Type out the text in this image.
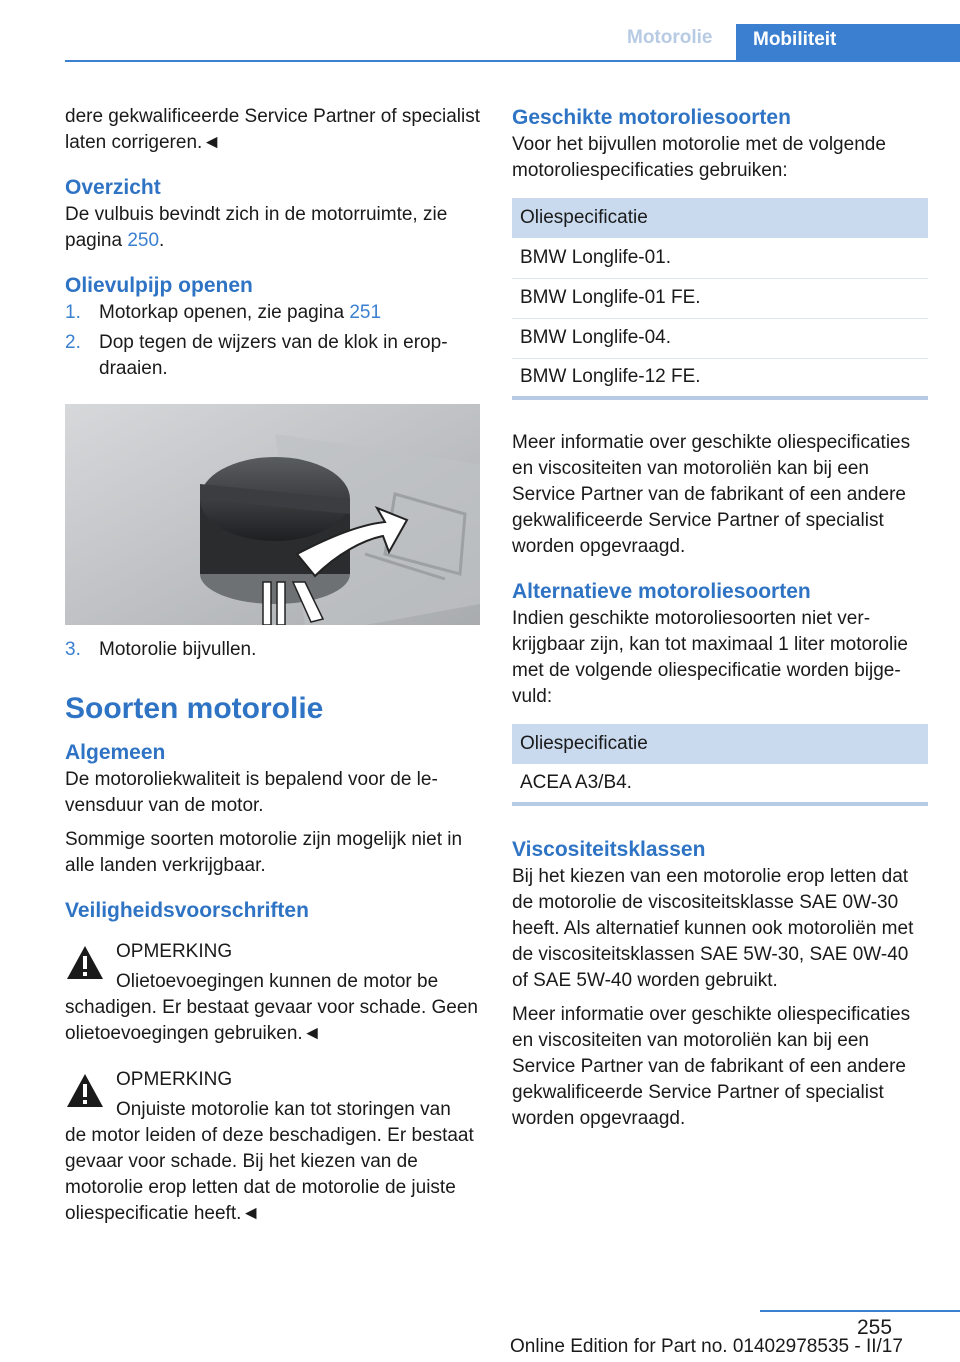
Motorolie	Mobiliteit

dere gekwalificeerde Service Partner of specialist laten corrigeren.◄

Overzicht

De vulbuis bevindt zich in de motorruimte, zie pagina 250.

Olievulpijp openen
1. Motorkap openen, zie pagina 251
2. Dop tegen de wijzers van de klok in eropdraaien.
3. Motorolie bijvullen.
Soorten motorolie
Algemeen

De motoroliekwaliteit is bepalend voor de levensduur van de motor.

Sommige soorten motorolie zijn mogelijk niet in alle landen verkrijgbaar.

Veiligheidsvoorschriften
OPMERKING
Olietoevoegingen kunnen de motor be
schadigen. Er bestaat gevaar voor schade. Geen olietoevoegingen gebruiken.◄
OPMERKING
Onjuiste motorolie kan tot storingen van
de motor leiden of deze beschadigen. Er bestaat gevaar voor schade. Bij het kiezen van de motorolie erop letten dat de motorolie de juiste oliespecificatie heeft.◄
Geschikte motoroliesoorten

Voor het bijvullen motorolie met de volgende motoroliespecificaties gebruiken:

Oliespecificatie
BMW Longlife-01.
BMW Longlife-01 FE.
BMW Longlife-04.
BMW Longlife-12 FE.

Meer informatie over geschikte oliespecificaties en viscositeiten van motoroliën kan bij een Service Partner van de fabrikant of een andere gekwalificeerde Service Partner of specialist worden opgevraagd.

Alternatieve motoroliesoorten

Indien geschikte motoroliesoorten niet verkrijgbaar zijn, kan tot maximaal 1 liter motorolie met de volgende oliespecificatie worden bijgevuld:

Oliespecificatie
ACEA A3/B4.
Viscositeitsklassen

Bij het kiezen van een motorolie erop letten dat de motorolie de viscositeitsklasse SAE 0W-30 heeft. Als alternatief kunnen ook motoroliën met de viscositeitsklassen SAE 5W-30, SAE 0W-40 of SAE 5W-40 worden gebruikt.

Meer informatie over geschikte oliespecificaties en viscositeiten van motoroliën kan bij een Service Partner van de fabrikant of een andere gekwalificeerde Service Partner of specialist worden opgevraagd.

255
Online Edition for Part no. 01402978535 - II/17
